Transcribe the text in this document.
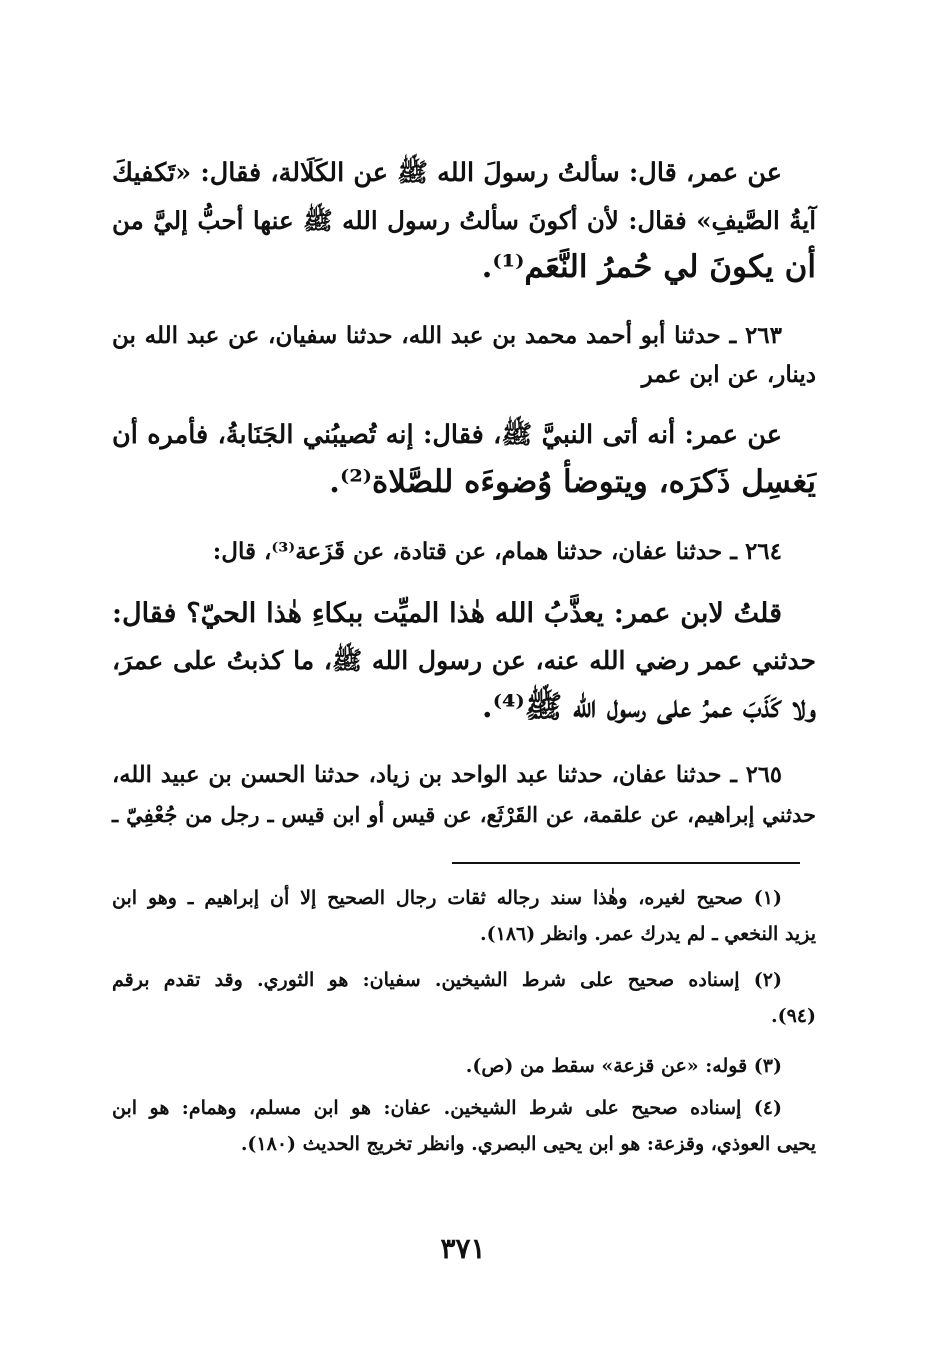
عن عمر، قال: سألتُ رسولَ الله ﷺ عن الكَلَالة، فقال: «تَكفيكَ
آيةُ الصَّيفِ» فقال: لأن أكونَ سألتُ رسول الله ﷺ عنها أحبُّ إليَّ من
أن يكونَ لي حُمرُ النَّعَم⁽¹⁾.
٢٦٣ ـ حدثنا أبو أحمد محمد بن عبد الله، حدثنا سفيان، عن عبد الله بن
دينار، عن ابن عمر
عن عمر: أنه أتى النبيَّ ﷺ، فقال: إنه تُصيبُني الجَنَابةُ، فأمره أن
يَغسِل ذَكرَه، ويتوضأ وُضوءَه للصَّلاة⁽²⁾.
٢٦٤ ـ حدثنا عفان، حدثنا همام، عن قتادة، عن قَزَعة⁽³⁾، قال:
قلتُ لابن عمر: يعذَّبُ الله هٰذا الميِّت ببكاءِ هٰذا الحيّ؟ فقال:
حدثني عمر رضي الله عنه، عن رسول الله ﷺ، ما كذبتُ على عمرَ،
ولا كَذَبَ عمرُ على رسول الله ﷺ⁽⁴⁾.
٢٦٥ ـ حدثنا عفان، حدثنا عبد الواحد بن زياد، حدثنا الحسن بن عبيد الله،
حدثني إبراهيم، عن علقمة، عن القَرْثَع، عن قيس أو ابن قيس ـ رجل من جُعْفِيّ ـ
(١) صحيح لغيره، وهٰذا سند رجاله ثقات رجال الصحيح إلا أن إبراهيم ـ وهو ابن
يزيد النخعي ـ لم يدرك عمر. وانظر (١٨٦).
(٢) إسناده صحيح على شرط الشيخين. سفيان: هو الثوري. وقد تقدم برقم
(٩٤).
(٣) قوله: «عن قزعة» سقط من (ص).
(٤) إسناده صحيح على شرط الشيخين. عفان: هو ابن مسلم، وهمام: هو ابن
يحيى العوذي، وقزعة: هو ابن يحيى البصري. وانظر تخريج الحديث (١٨٠).
٣٧١
